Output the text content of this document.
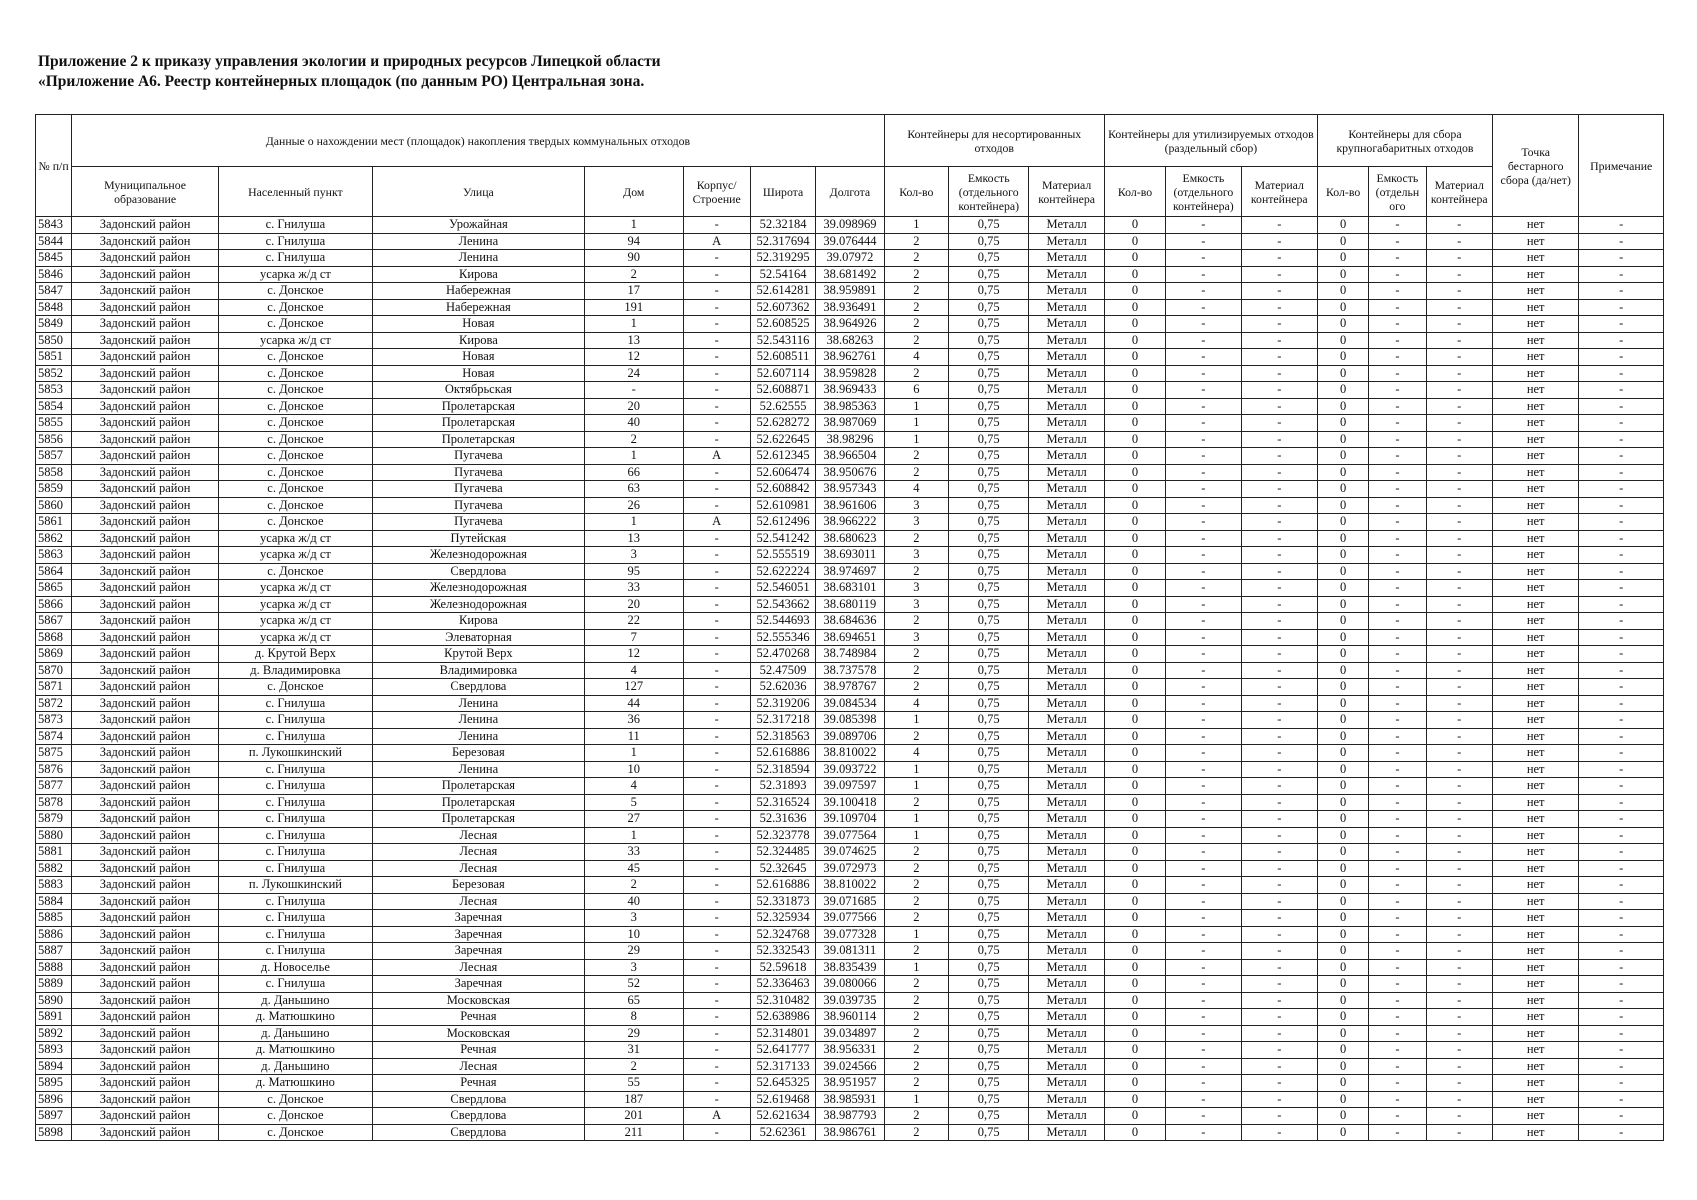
Приложение 2 к приказу управления экологии и природных ресурсов Липецкой области
«Приложение А6. Реестр контейнерных площадок (по данным РО) Центральная зона.
№ п/п	Данные о нахождении мест (площадок) накопления твердых коммунальных отходов							Контейнеры для несортированных отходов			Контейнеры для утилизируемых отходов (раздельный сбор)			Контейнеры для сбора крупногабаритных отходов			Точка бестарного сбора (да/нет)	Примечание
	Муниципальное образование	Населенный пункт	Улица	Дом	Корпус/ Строение	Широта	Долгота	Кол-во	Емкость (отдельного контейнера)	Материал контейнера	Кол-во	Емкость (отдельного контейнера)	Материал контейнера	Кол-во	Емкость (отдельн ого	Материал контейнера		
5843	Задонский район	с. Гнилуша	Урожайная	1	-	52.32184	39.098969	1	0,75	Металл	0	-	-	0	-	-	нет	-
5844	Задонский район	с. Гнилуша	Ленина	94	А	52.317694	39.076444	2	0,75	Металл	0	-	-	0	-	-	нет	-
5845	Задонский район	с. Гнилуша	Ленина	90	-	52.319295	39.07972	2	0,75	Металл	0	-	-	0	-	-	нет	-
5846	Задонский район	усарка ж/д ст	Кирова	2	-	52.54164	38.681492	2	0,75	Металл	0	-	-	0	-	-	нет	-
5847	Задонский район	с. Донское	Набережная	17	-	52.614281	38.959891	2	0,75	Металл	0	-	-	0	-	-	нет	-
5848	Задонский район	с. Донское	Набережная	191	-	52.607362	38.936491	2	0,75	Металл	0	-	-	0	-	-	нет	-
5849	Задонский район	с. Донское	Новая	1	-	52.608525	38.964926	2	0,75	Металл	0	-	-	0	-	-	нет	-
5850	Задонский район	усарка ж/д ст	Кирова	13	-	52.543116	38.68263	2	0,75	Металл	0	-	-	0	-	-	нет	-
5851	Задонский район	с. Донское	Новая	12	-	52.608511	38.962761	4	0,75	Металл	0	-	-	0	-	-	нет	-
5852	Задонский район	с. Донское	Новая	24	-	52.607114	38.959828	2	0,75	Металл	0	-	-	0	-	-	нет	-
5853	Задонский район	с. Донское	Октябрьская	-	-	52.608871	38.969433	6	0,75	Металл	0	-	-	0	-	-	нет	-
5854	Задонский район	с. Донское	Пролетарская	20	-	52.62555	38.985363	1	0,75	Металл	0	-	-	0	-	-	нет	-
5855	Задонский район	с. Донское	Пролетарская	40	-	52.628272	38.987069	1	0,75	Металл	0	-	-	0	-	-	нет	-
5856	Задонский район	с. Донское	Пролетарская	2	-	52.622645	38.98296	1	0,75	Металл	0	-	-	0	-	-	нет	-
5857	Задонский район	с. Донское	Пугачева	1	А	52.612345	38.966504	2	0,75	Металл	0	-	-	0	-	-	нет	-
5858	Задонский район	с. Донское	Пугачева	66	-	52.606474	38.950676	2	0,75	Металл	0	-	-	0	-	-	нет	-
5859	Задонский район	с. Донское	Пугачева	63	-	52.608842	38.957343	4	0,75	Металл	0	-	-	0	-	-	нет	-
5860	Задонский район	с. Донское	Пугачева	26	-	52.610981	38.961606	3	0,75	Металл	0	-	-	0	-	-	нет	-
5861	Задонский район	с. Донское	Пугачева	1	А	52.612496	38.966222	3	0,75	Металл	0	-	-	0	-	-	нет	-
5862	Задонский район	усарка ж/д ст	Путейская	13	-	52.541242	38.680623	2	0,75	Металл	0	-	-	0	-	-	нет	-
5863	Задонский район	усарка ж/д ст	Железнодорожная	3	-	52.555519	38.693011	3	0,75	Металл	0	-	-	0	-	-	нет	-
5864	Задонский район	с. Донское	Свердлова	95	-	52.622224	38.974697	2	0,75	Металл	0	-	-	0	-	-	нет	-
5865	Задонский район	усарка ж/д ст	Железнодорожная	33	-	52.546051	38.683101	3	0,75	Металл	0	-	-	0	-	-	нет	-
5866	Задонский район	усарка ж/д ст	Железнодорожная	20	-	52.543662	38.680119	3	0,75	Металл	0	-	-	0	-	-	нет	-
5867	Задонский район	усарка ж/д ст	Кирова	22	-	52.544693	38.684636	2	0,75	Металл	0	-	-	0	-	-	нет	-
5868	Задонский район	усарка ж/д ст	Элеваторная	7	-	52.555346	38.694651	3	0,75	Металл	0	-	-	0	-	-	нет	-
5869	Задонский район	д. Крутой Верх	Крутой Верх	12	-	52.470268	38.748984	2	0,75	Металл	0	-	-	0	-	-	нет	-
5870	Задонский район	д. Владимировка	Владимировка	4	-	52.47509	38.737578	2	0,75	Металл	0	-	-	0	-	-	нет	-
5871	Задонский район	с. Донское	Свердлова	127	-	52.62036	38.978767	2	0,75	Металл	0	-	-	0	-	-	нет	-
5872	Задонский район	с. Гнилуша	Ленина	44	-	52.319206	39.084534	4	0,75	Металл	0	-	-	0	-	-	нет	-
5873	Задонский район	с. Гнилуша	Ленина	36	-	52.317218	39.085398	1	0,75	Металл	0	-	-	0	-	-	нет	-
5874	Задонский район	с. Гнилуша	Ленина	11	-	52.318563	39.089706	2	0,75	Металл	0	-	-	0	-	-	нет	-
5875	Задонский район	п. Лукошкинский	Березовая	1	-	52.616886	38.810022	4	0,75	Металл	0	-	-	0	-	-	нет	-
5876	Задонский район	с. Гнилуша	Ленина	10	-	52.318594	39.093722	1	0,75	Металл	0	-	-	0	-	-	нет	-
5877	Задонский район	с. Гнилуша	Пролетарская	4	-	52.31893	39.097597	1	0,75	Металл	0	-	-	0	-	-	нет	-
5878	Задонский район	с. Гнилуша	Пролетарская	5	-	52.316524	39.100418	2	0,75	Металл	0	-	-	0	-	-	нет	-
5879	Задонский район	с. Гнилуша	Пролетарская	27	-	52.31636	39.109704	1	0,75	Металл	0	-	-	0	-	-	нет	-
5880	Задонский район	с. Гнилуша	Лесная	1	-	52.323778	39.077564	1	0,75	Металл	0	-	-	0	-	-	нет	-
5881	Задонский район	с. Гнилуша	Лесная	33	-	52.324485	39.074625	2	0,75	Металл	0	-	-	0	-	-	нет	-
5882	Задонский район	с. Гнилуша	Лесная	45	-	52.32645	39.072973	2	0,75	Металл	0	-	-	0	-	-	нет	-
5883	Задонский район	п. Лукошкинский	Березовая	2	-	52.616886	38.810022	2	0,75	Металл	0	-	-	0	-	-	нет	-
5884	Задонский район	с. Гнилуша	Лесная	40	-	52.331873	39.071685	2	0,75	Металл	0	-	-	0	-	-	нет	-
5885	Задонский район	с. Гнилуша	Заречная	3	-	52.325934	39.077566	2	0,75	Металл	0	-	-	0	-	-	нет	-
5886	Задонский район	с. Гнилуша	Заречная	10	-	52.324768	39.077328	1	0,75	Металл	0	-	-	0	-	-	нет	-
5887	Задонский район	с. Гнилуша	Заречная	29	-	52.332543	39.081311	2	0,75	Металл	0	-	-	0	-	-	нет	-
5888	Задонский район	д. Новоселье	Лесная	3	-	52.59618	38.835439	1	0,75	Металл	0	-	-	0	-	-	нет	-
5889	Задонский район	с. Гнилуша	Заречная	52	-	52.336463	39.080066	2	0,75	Металл	0	-	-	0	-	-	нет	-
5890	Задонский район	д. Даньшино	Московская	65	-	52.310482	39.039735	2	0,75	Металл	0	-	-	0	-	-	нет	-
5891	Задонский район	д. Матюшкино	Речная	8	-	52.638986	38.960114	2	0,75	Металл	0	-	-	0	-	-	нет	-
5892	Задонский район	д. Даньшино	Московская	29	-	52.314801	39.034897	2	0,75	Металл	0	-	-	0	-	-	нет	-
5893	Задонский район	д. Матюшкино	Речная	31	-	52.641777	38.956331	2	0,75	Металл	0	-	-	0	-	-	нет	-
5894	Задонский район	д. Даньшино	Лесная	2	-	52.317133	39.024566	2	0,75	Металл	0	-	-	0	-	-	нет	-
5895	Задонский район	д. Матюшкино	Речная	55	-	52.645325	38.951957	2	0,75	Металл	0	-	-	0	-	-	нет	-
5896	Задонский район	с. Донское	Свердлова	187	-	52.619468	38.985931	1	0,75	Металл	0	-	-	0	-	-	нет	-
5897	Задонский район	с. Донское	Свердлова	201	А	52.621634	38.987793	2	0,75	Металл	0	-	-	0	-	-	нет	-
5898	Задонский район	с. Донское	Свердлова	211	-	52.62361	38.986761	2	0,75	Металл	0	-	-	0	-	-	нет	-
